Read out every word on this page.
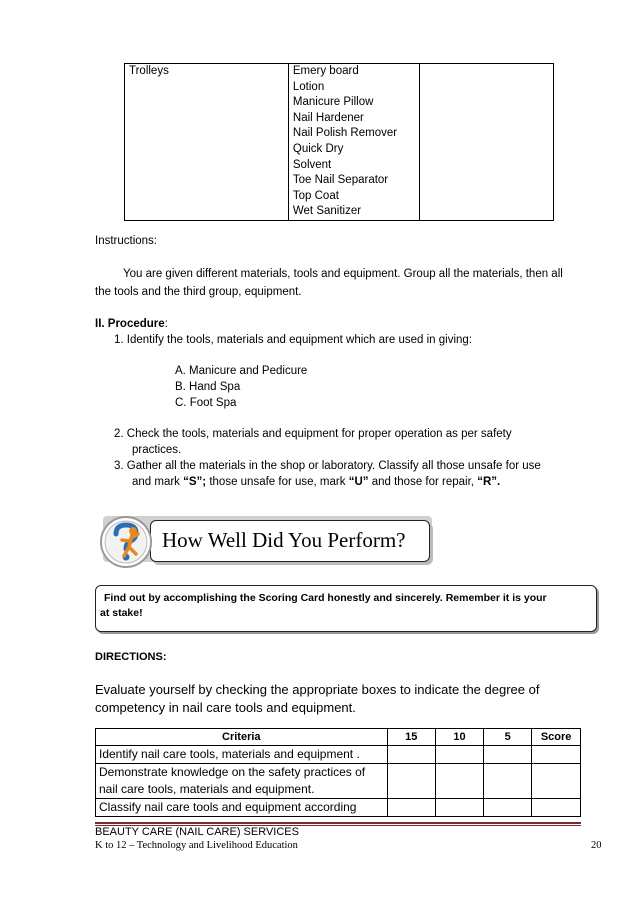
Trolleys	Emery board
Lotion
Manicure Pillow
Nail Hardener
Nail Polish Remover
Quick Dry
Solvent
Toe Nail Separator
Top Coat
Wet Sanitizer

Instructions:
You are given different materials, tools and equipment. Group all the materials, then all
the tools and the third group, equipment.
II. Procedure:
1. Identify the tools, materials and equipment which are used in giving:
A. Manicure and Pedicure
B. Hand Spa
C. Foot Spa
2. Check the tools, materials and equipment for proper operation as per safety
practices.
3. Gather all the materials in the shop or laboratory. Classify all those unsafe for use
and mark “S”; those unsafe for use, mark “U” and those for repair, “R”.
How Well Did You Perform?
Find out by accomplishing the Scoring Card honestly and sincerely. Remember it is your
at stake!
DIRECTIONS:
Evaluate yourself by checking the appropriate boxes to indicate the degree of
competency in nail care tools and equipment.
Criteria	15	10	5	Score
Identify nail care tools, materials and equipment .				

Demonstrate knowledge on the safety practices of
nail care tools, materials and equipment.				

Classify nail care tools and equipment according				
BEAUTY CARE (NAIL CARE) SERVICES
K to 12 – Technology and Livelihood Education	20
